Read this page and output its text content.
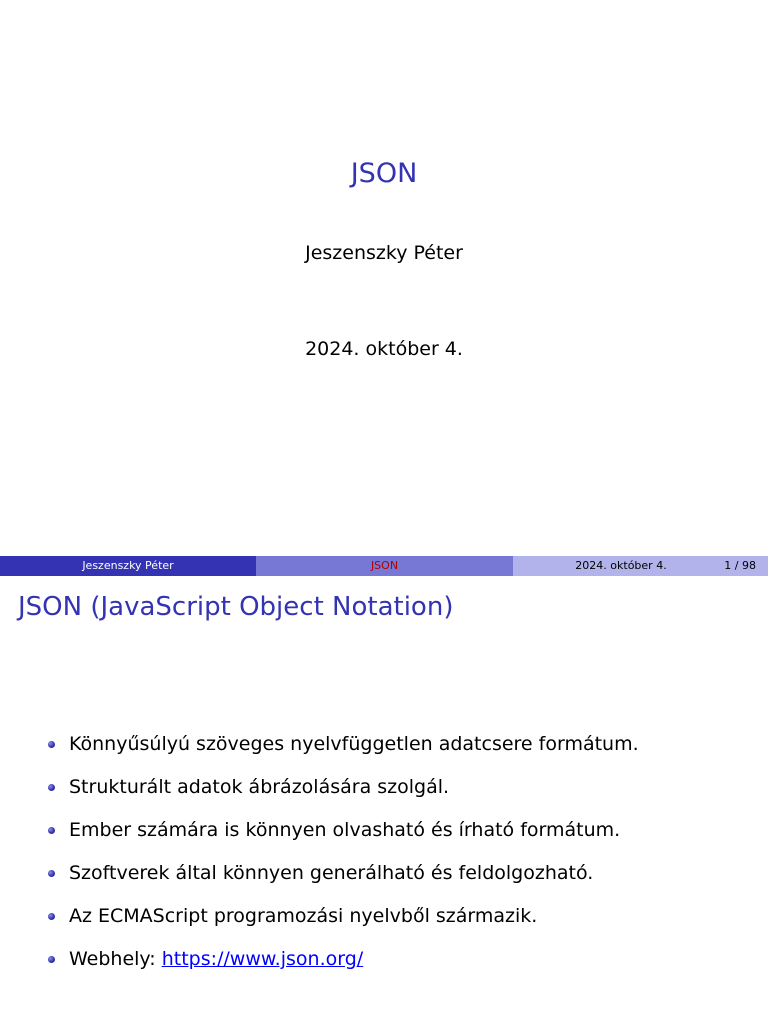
JSON
Jeszenszky Péter
2024. október 4.
Jeszenszky Péter	JSON	2024. október 4.	1 / 98
JSON (JavaScript Object Notation)
Könnyűsúlyú szöveges nyelvfüggetlen adatcsere formátum.
Strukturált adatok ábrázolására szolgál.
Ember számára is könnyen olvasható és írható formátum.
Szoftverek által könnyen generálható és feldolgozható.
Az ECMAScript programozási nyelvből származik.
Webhely: https://www.json.org/
